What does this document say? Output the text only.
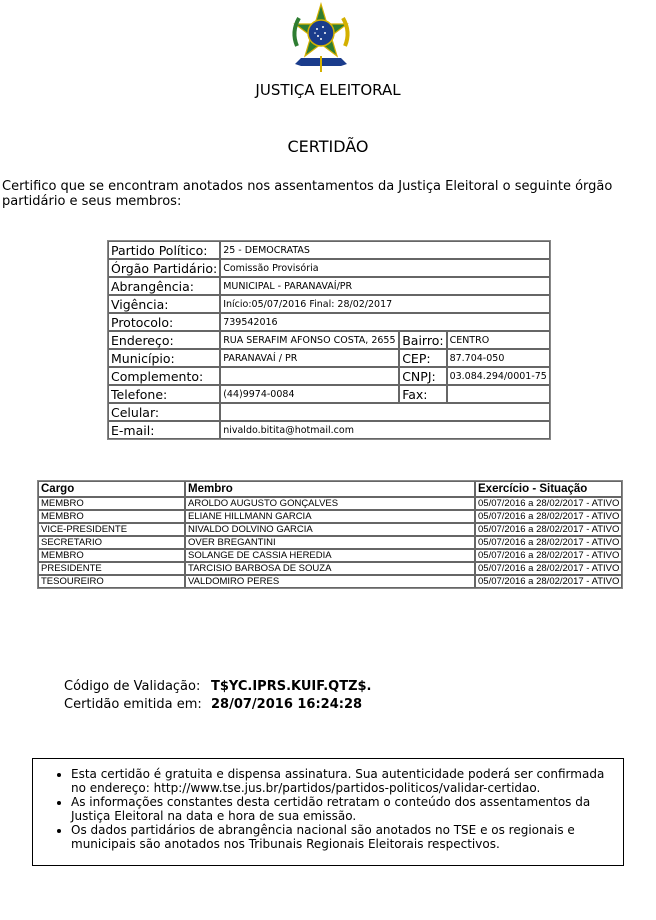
JUSTIÇA ELEITORAL
CERTIDÃO
Certifico que se encontram anotados nos assentamentos da Justiça Eleitoral o seguinte órgão partidário e seus membros:
Partido Político:	25 - DEMOCRATAS		
Órgão Partidário:	Comissão Provisória		
Abrangência:	MUNICIPAL - PARANAVAÍ/PR		
Vigência:	Início:05/07/2016 Final: 28/02/2017		
Protocolo:	739542016		
Endereço:	RUA SERAFIM AFONSO COSTA, 2655	Bairro:	CENTRO
Município:	PARANAVAÍ / PR	CEP:	87.704-050
Complemento:		CNPJ:	03.084.294/0001-75
Telefone:	(44)9974-0084	Fax:	
Celular:			
E-mail:	nivaldo.bitita@hotmail.com		
Cargo	Membro	Exercício - Situação
MEMBRO	AROLDO AUGUSTO GONÇALVES	05/07/2016 a 28/02/2017 - ATIVO
MEMBRO	ELIANE HILLMANN GARCIA	05/07/2016 a 28/02/2017 - ATIVO
VICE-PRESIDENTE	NIVALDO DOLVINO GARCIA	05/07/2016 a 28/02/2017 - ATIVO
SECRETARIO	OVER BREGANTINI	05/07/2016 a 28/02/2017 - ATIVO
MEMBRO	SOLANGE DE CASSIA HEREDIA	05/07/2016 a 28/02/2017 - ATIVO
PRESIDENTE	TARCISIO BARBOSA DE SOUZA	05/07/2016 a 28/02/2017 - ATIVO
TESOUREIRO	VALDOMIRO PERES	05/07/2016 a 28/02/2017 - ATIVO
Código de Validação: T$YC.IPRS.KUIF.QTZ$.
Certidão emitida em: 28/07/2016 16:24:28
• Esta certidão é gratuita e dispensa assinatura. Sua autenticidade poderá ser confirmada no endereço: http://www.tse.jus.br/partidos/partidos-politicos/validar-certidao.
• As informações constantes desta certidão retratam o conteúdo dos assentamentos da Justiça Eleitoral na data e hora de sua emissão.
• Os dados partidários de abrangência nacional são anotados no TSE e os regionais e municipais são anotados nos Tribunais Regionais Eleitorais respectivos.
